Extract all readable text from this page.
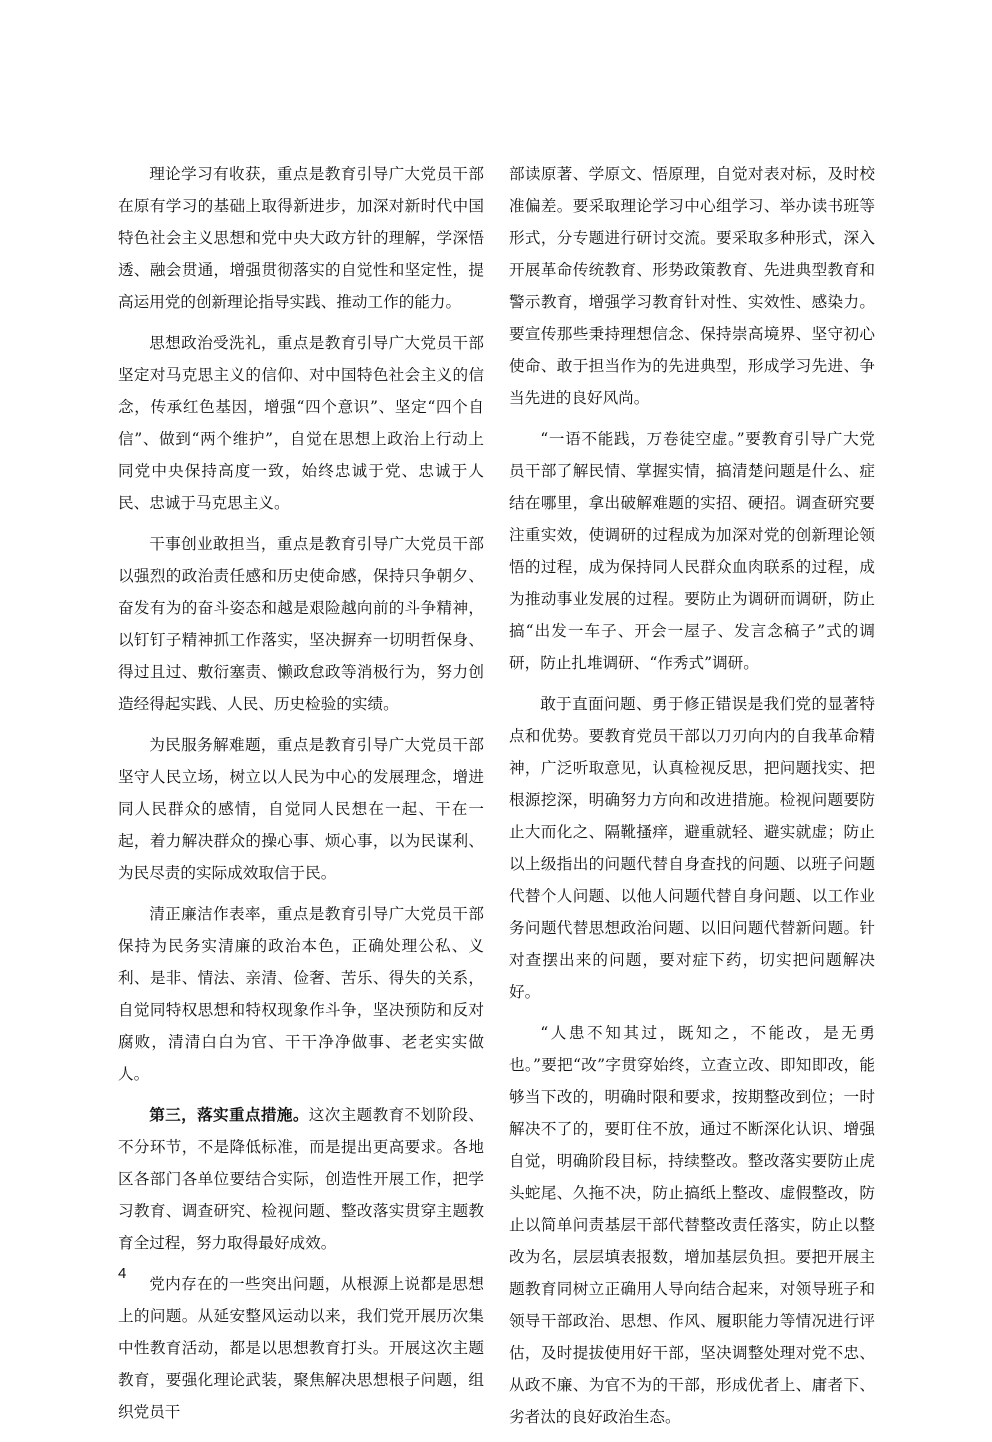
理论学习有收获，重点是教育引导广大党员干部在原有学习的基础上取得新进步，加深对新时代中国特色社会主义思想和党中央大政方针的理解，学深悟透、融会贯通，增强贯彻落实的自觉性和坚定性，提高运用党的创新理论指导实践、推动工作的能力。

思想政治受洗礼，重点是教育引导广大党员干部坚定对马克思主义的信仰、对中国特色社会主义的信念，传承红色基因，增强“四个意识”、坚定“四个自信”、做到“两个维护”，自觉在思想上政治上行动上同党中央保持高度一致，始终忠诚于党、忠诚于人民、忠诚于马克思主义。

干事创业敢担当，重点是教育引导广大党员干部以强烈的政治责任感和历史使命感，保持只争朝夕、奋发有为的奋斗姿态和越是艰险越向前的斗争精神，以钉钉子精神抓工作落实，坚决摒弃一切明哲保身、得过且过、敷衍塞责、懒政怠政等消极行为，努力创造经得起实践、人民、历史检验的实绩。

为民服务解难题，重点是教育引导广大党员干部坚守人民立场，树立以人民为中心的发展理念，增进同人民群众的感情，自觉同人民想在一起、干在一起，着力解决群众的操心事、烦心事，以为民谋利、为民尽责的实际成效取信于民。

清正廉洁作表率，重点是教育引导广大党员干部保持为民务实清廉的政治本色，正确处理公私、义利、是非、情法、亲清、俭奢、苦乐、得失的关系，自觉同特权思想和特权现象作斗争，坚决预防和反对腐败，清清白白为官、干干净净做事、老老实实做人。

第三，落实重点措施。这次主题教育不划阶段、不分环节，不是降低标准，而是提出更高要求。各地区各部门各单位要结合实际，创造性开展工作，把学习教育、调查研究、检视问题、整改落实贯穿主题教育全过程，努力取得最好成效。

党内存在的一些突出问题，从根源上说都是思想上的问题。从延安整风运动以来，我们党开展历次集中性教育活动，都是以思想教育打头。开展这次主题教育，要强化理论武装，聚焦解决思想根子问题，组织党员干

部读原著、学原文、悟原理，自觉对表对标，及时校准偏差。要采取理论学习中心组学习、举办读书班等形式，分专题进行研讨交流。要采取多种形式，深入开展革命传统教育、形势政策教育、先进典型教育和警示教育，增强学习教育针对性、实效性、感染力。要宣传那些秉持理想信念、保持崇高境界、坚守初心使命、敢于担当作为的先进典型，形成学习先进、争当先进的良好风尚。

“一语不能践，万卷徒空虚。”要教育引导广大党员干部了解民情、掌握实情，搞清楚问题是什么、症结在哪里，拿出破解难题的实招、硬招。调查研究要注重实效，使调研的过程成为加深对党的创新理论领悟的过程，成为保持同人民群众血肉联系的过程，成为推动事业发展的过程。要防止为调研而调研，防止搞“出发一车子、开会一屋子、发言念稿子”式的调研，防止扎堆调研、“作秀式”调研。

敢于直面问题、勇于修正错误是我们党的显著特点和优势。要教育党员干部以刀刃向内的自我革命精神，广泛听取意见，认真检视反思，把问题找实、把根源挖深，明确努力方向和改进措施。检视问题要防止大而化之、隔靴搔痒，避重就轻、避实就虚；防止以上级指出的问题代替自身查找的问题、以班子问题代替个人问题、以他人问题代替自身问题、以工作业务问题代替思想政治问题、以旧问题代替新问题。针对查摆出来的问题，要对症下药，切实把问题解决好。

“人患不知其过，既知之，不能改，是无勇也。”要把“改”字贯穿始终，立查立改、即知即改，能够当下改的，明确时限和要求，按期整改到位；一时解决不了的，要盯住不放，通过不断深化认识、增强自觉，明确阶段目标，持续整改。整改落实要防止虎头蛇尾、久拖不决，防止搞纸上整改、虚假整改，防止以简单问责基层干部代替整改责任落实，防止以整改为名，层层填表报数，增加基层负担。要把开展主题教育同树立正确用人导向结合起来，对领导班子和领导干部政治、思想、作风、履职能力等情况进行评估，及时提拔使用好干部，坚决调整处理对党不忠、从政不廉、为官不为的干部，形成优者上、庸者下、劣者汰的良好政治生态。

4
